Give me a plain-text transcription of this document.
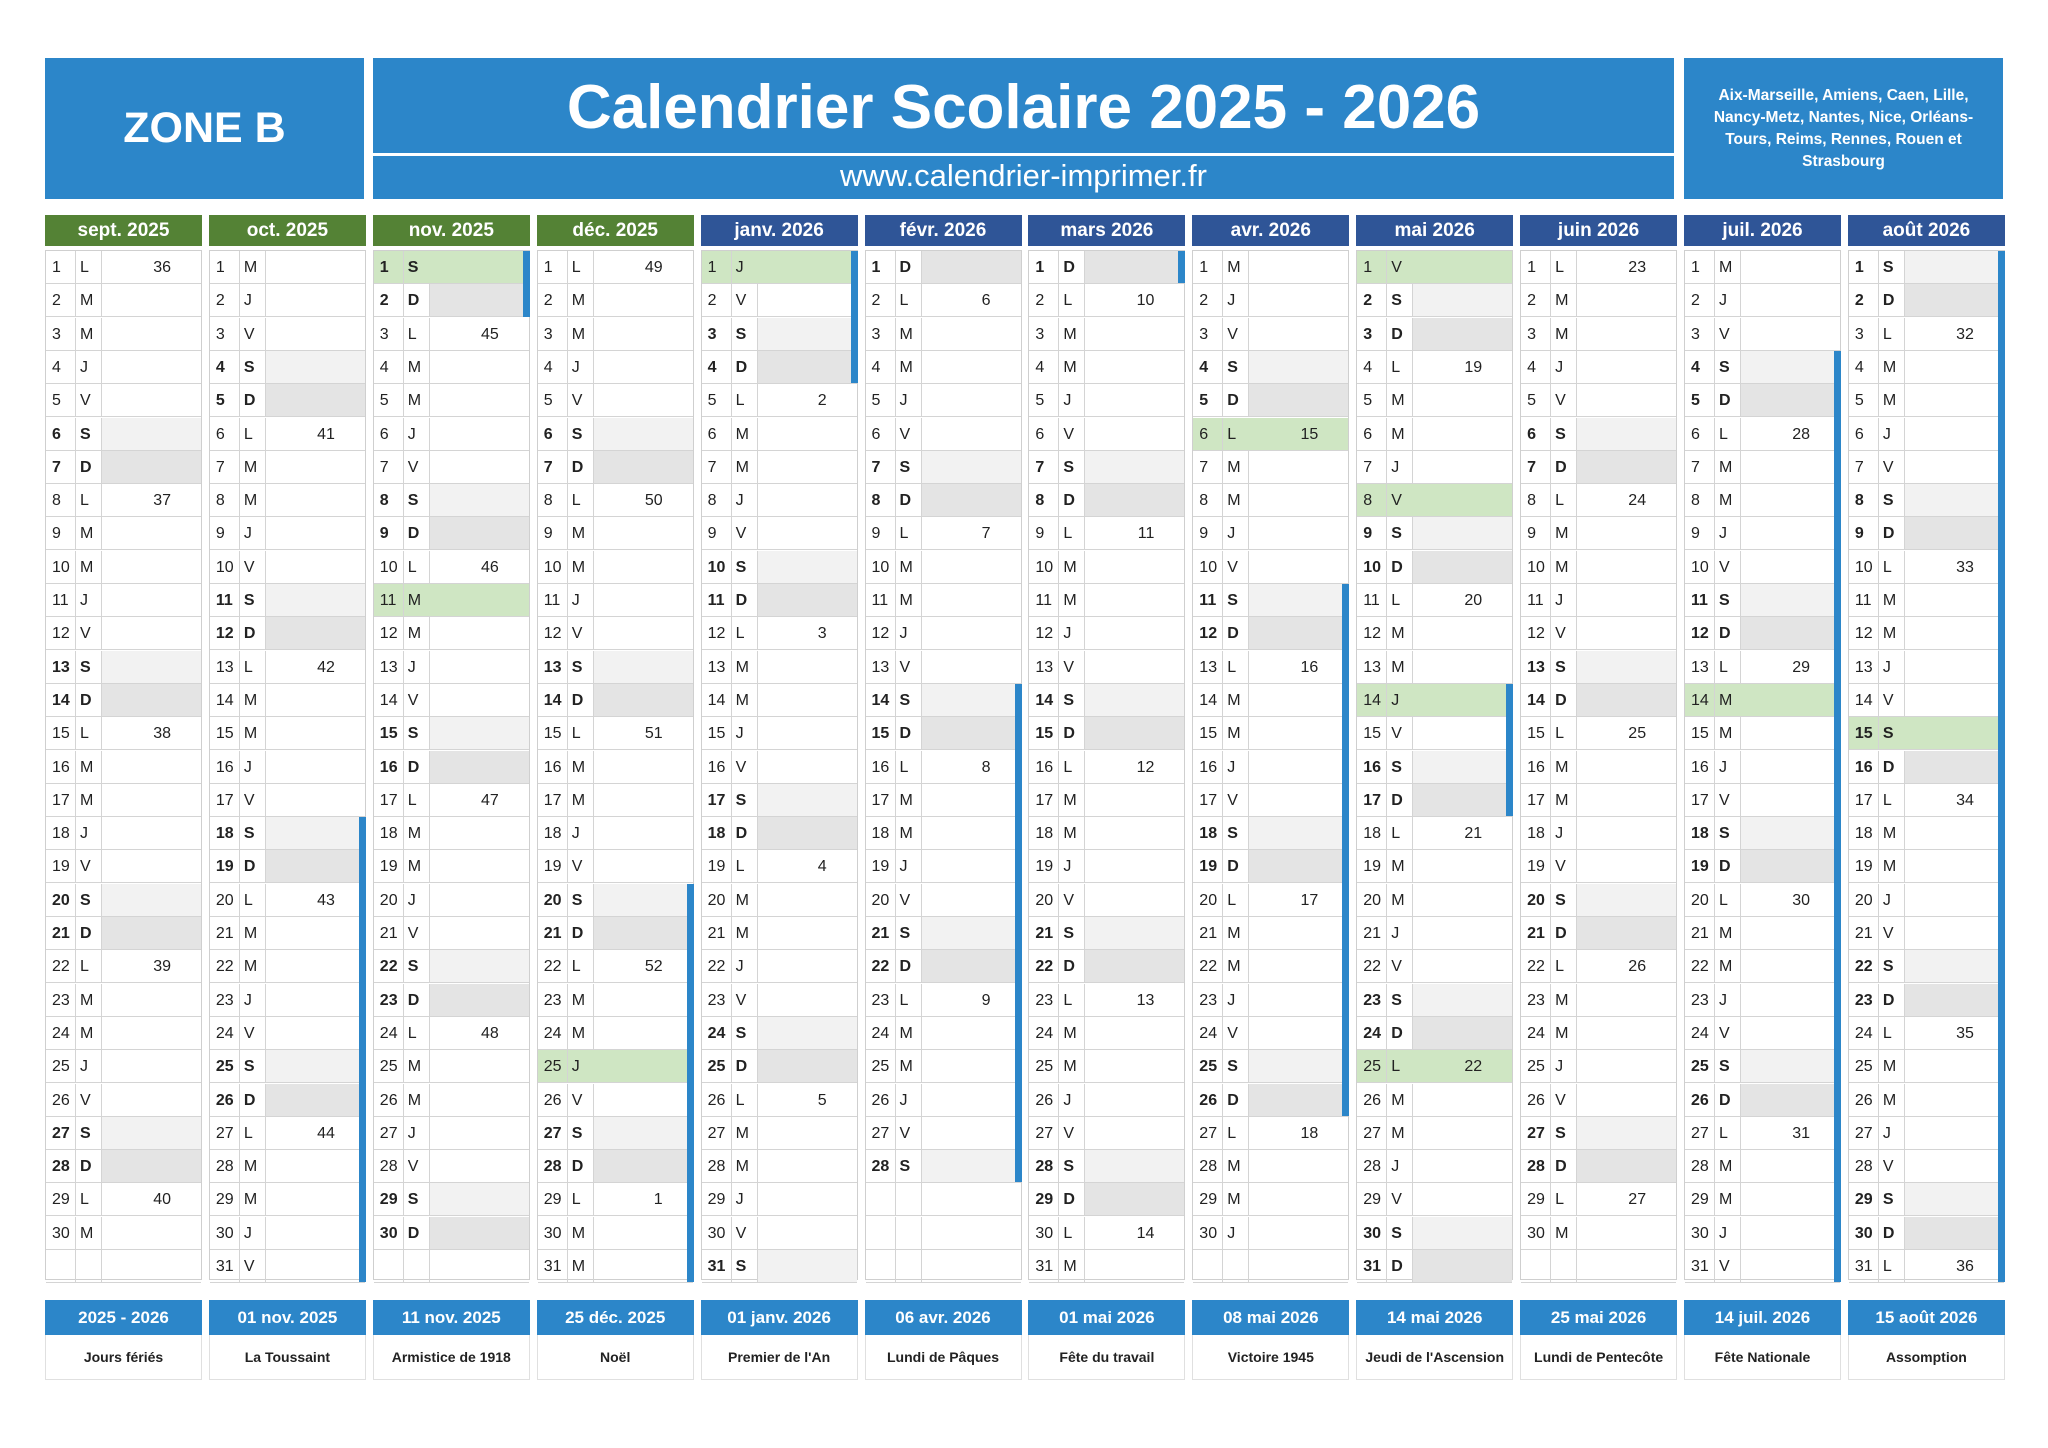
ZONE B	Calendrier Scolaire 2025 - 2026
www.calendrier-imprimer.fr
Aix-Marseille, Amiens, Caen, Lille, Nancy-Metz, Nantes, Nice, Orléans-Tours, Reims, Rennes, Rouen et Strasbourg
sept. 2025
1 L	36
2 M
3 M
4 J
5 V
6 S
7 D
8 L	37
9 M
10 M
11 J
12 V
13 S
14 D
15 L	38
16 M
17 M
18 J
19 V
20 S
21 D
22 L	39
23 M
24 M
25 J
26 V
27 S
28 D
29 L	40
30 M
oct. 2025
1 M
2 J
3 V
4 S
5 D
6 L	41
7 M
8 M
9 J
10 V
11 S
12 D
13 L	42
14 M
15 M
16 J
17 V
18 S
19 D
20 L	43
21 M
22 M
23 J
24 V
25 S
26 D
27 L	44
28 M
29 M
30 J
31 V
nov. 2025
1 S
2 D
3 L	45
4 M
5 M
6 J
7 V
8 S
9 D
10 L	46
11 M
12 M
13 J
14 V
15 S
16 D
17 L	47
18 M
19 M
20 J
21 V
22 S
23 D
24 L	48
25 M
26 M
27 J
28 V
29 S
30 D
déc. 2025
1 L	49
2 M
3 M
4 J
5 V
6 S
7 D
8 L	50
9 M
10 M
11 J
12 V
13 S
14 D
15 L	51
16 M
17 M
18 J
19 V
20 S
21 D
22 L	52
23 M
24 M
25 J
26 V
27 S
28 D
29 L	1
30 M
31 M
janv. 2026
1 J
2 V
3 S
4 D
5 L	2
6 M
7 M
8 J
9 V
10 S
11 D
12 L	3
13 M
14 M
15 J
16 V
17 S
18 D
19 L	4
20 M
21 M
22 J
23 V
24 S
25 D
26 L	5
27 M
28 M
29 J
30 V
31 S
févr. 2026
1 D
2 L	6
3 M
4 M
5 J
6 V
7 S
8 D
9 L	7
10 M
11 M
12 J
13 V
14 S
15 D
16 L	8
17 M
18 M
19 J
20 V
21 S
22 D
23 L	9
24 M
25 M
26 J
27 V
28 S
mars 2026
1 D
2 L	10
3 M
4 M
5 J
6 V
7 S
8 D
9 L	11
10 M
11 M
12 J
13 V
14 S
15 D
16 L	12
17 M
18 M
19 J
20 V
21 S
22 D
23 L	13
24 M
25 M
26 J
27 V
28 S
29 D
30 L	14
31 M
avr. 2026
1 M
2 J
3 V
4 S
5 D
6 L	15
7 M
8 M
9 J
10 V
11 S
12 D
13 L	16
14 M
15 M
16 J
17 V
18 S
19 D
20 L	17
21 M
22 M
23 J
24 V
25 S
26 D
27 L	18
28 M
29 M
30 J
mai 2026
1 V
2 S
3 D
4 L	19
5 M
6 M
7 J
8 V
9 S
10 D
11 L	20
12 M
13 M
14 J
15 V
16 S
17 D
18 L	21
19 M
20 M
21 J
22 V
23 S
24 D
25 L	22
26 M
27 M
28 J
29 V
30 S
31 D
juin 2026
1 L	23
2 M
3 M
4 J
5 V
6 S
7 D
8 L	24
9 M
10 M
11 J
12 V
13 S
14 D
15 L	25
16 M
17 M
18 J
19 V
20 S
21 D
22 L	26
23 M
24 M
25 J
26 V
27 S
28 D
29 L	27
30 M
juil. 2026
1 M
2 J
3 V
4 S
5 D
6 L	28
7 M
8 M
9 J
10 V
11 S
12 D
13 L	29
14 M
15 M
16 J
17 V
18 S
19 D
20 L	30
21 M
22 M
23 J
24 V
25 S
26 D
27 L	31
28 M
29 M
30 J
31 V
août 2026
1 S
2 D
3 L	32
4 M
5 M
6 J
7 V
8 S
9 D
10 L	33
11 M
12 M
13 J
14 V
15 S
16 D
17 L	34
18 M
19 M
20 J
21 V
22 S
23 D
24 L	35
25 M
26 M
27 J
28 V
29 S
30 D
31 L	36
2025 - 2026
Jours fériés
01 nov. 2025
La Toussaint
11 nov. 2025
Armistice de 1918
25 déc. 2025
Noël
01 janv. 2026
Premier de l'An
06 avr. 2026
Lundi de Pâques
01 mai 2026
Fête du travail
08 mai 2026
Victoire 1945
14 mai 2026
Jeudi de l'Ascension
25 mai 2026
Lundi de Pentecôte
14 juil. 2026
Fête Nationale
15 août 2026
Assomption
